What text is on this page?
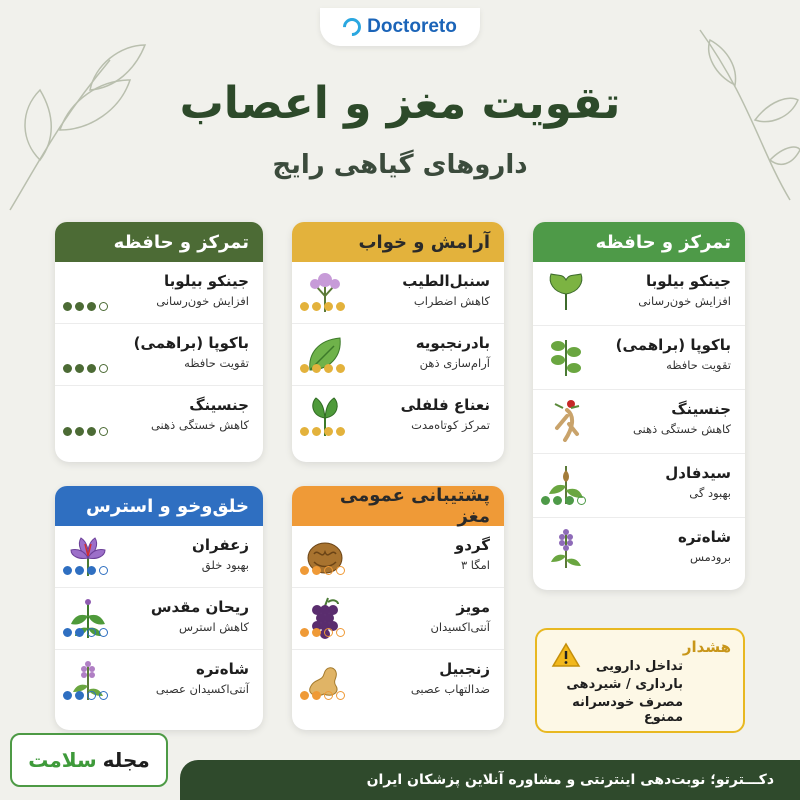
Doctoreto
تقویت مغز و اعصاب
داروهای گیاهی رایج
تمرکز و حافظه
جینکو بیلوبا
افزایش خون‌رسانی
باکوپا (براهمی)
تقویت حافظه
جنسینگ
کاهش خستگی ذهنی
سیدفادل
بهبود گی
شاه‌تره
برودمس
آرامش و خواب
سنبل‌الطیب
کاهش اضطراب
بادرنجبویه
آرام‌سازی ذهن
نعناع فلفلی
تمرکز کوتاه‌مدت
تمرکز و حافظه
جینکو بیلوبا
افزایش خون‌رسانی
باکوپا (براهمی)
تقویت حافظه
جنسینگ
کاهش خستگی ذهنی
پشتیبانی عمومی مغز
گردو
امگا ۳
مویز
آنتی‌اکسیدان
زنجبیل
ضدالتهاب عصبی
خلق‌وخو و استرس
زعفران
بهبود خلق
ریحان مقدس
کاهش استرس
شاه‌تره
آنتی‌اکسیدان عصبی
هشدار
تداخل دارویی
بارداری / شیردهی
مصرف خودسرانه ممنوع
مجله
سلامت
دکـــترتو؛ نوبت‌دهی اینترنتی و مشاوره آنلاین پزشکان ایران
